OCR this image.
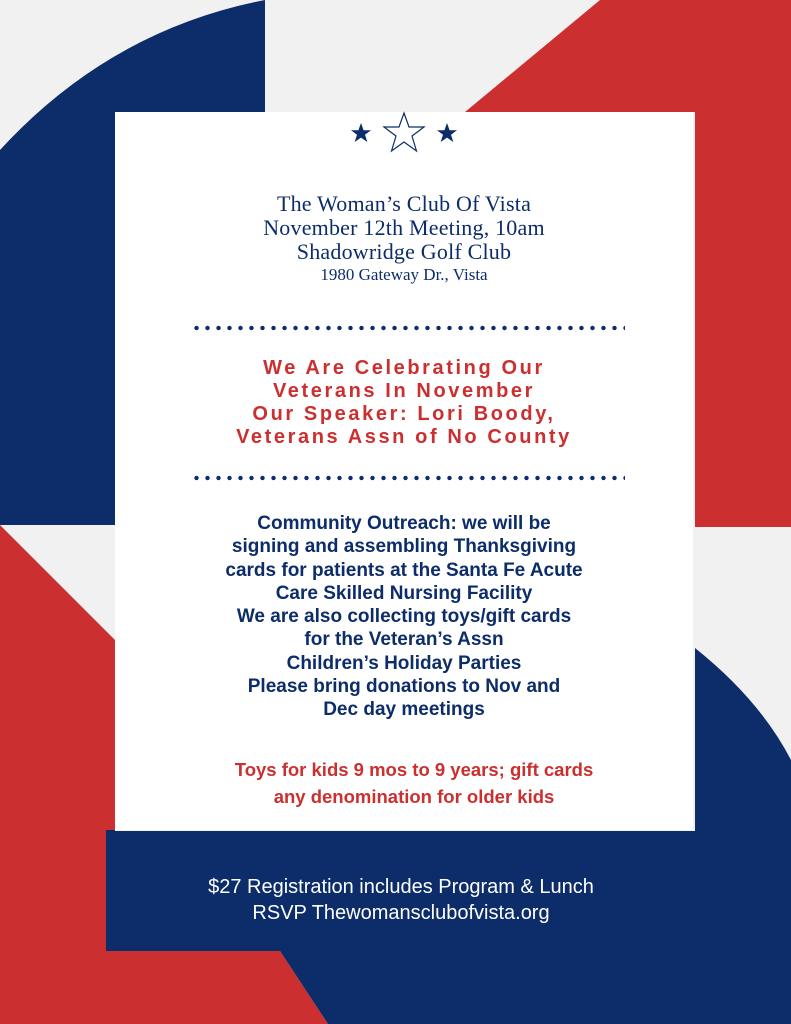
The Woman’s Club Of Vista
November 12th Meeting, 10am
Shadowridge Golf Club
1980 Gateway Dr., Vista
We Are Celebrating Our
Veterans In November
Our Speaker: Lori Boody,
Veterans Assn of No County
Community Outreach: we will be
signing and assembling Thanksgiving
cards for patients at the Santa Fe Acute
Care Skilled Nursing Facility
We are also collecting toys/gift cards
for the Veteran’s Assn
Children’s Holiday Parties
Please bring donations to Nov and
Dec day meetings
Toys for kids 9 mos to 9 years; gift cards
any denomination for older kids
$27 Registration includes Program & Lunch
RSVP Thewomansclubofvista.org
